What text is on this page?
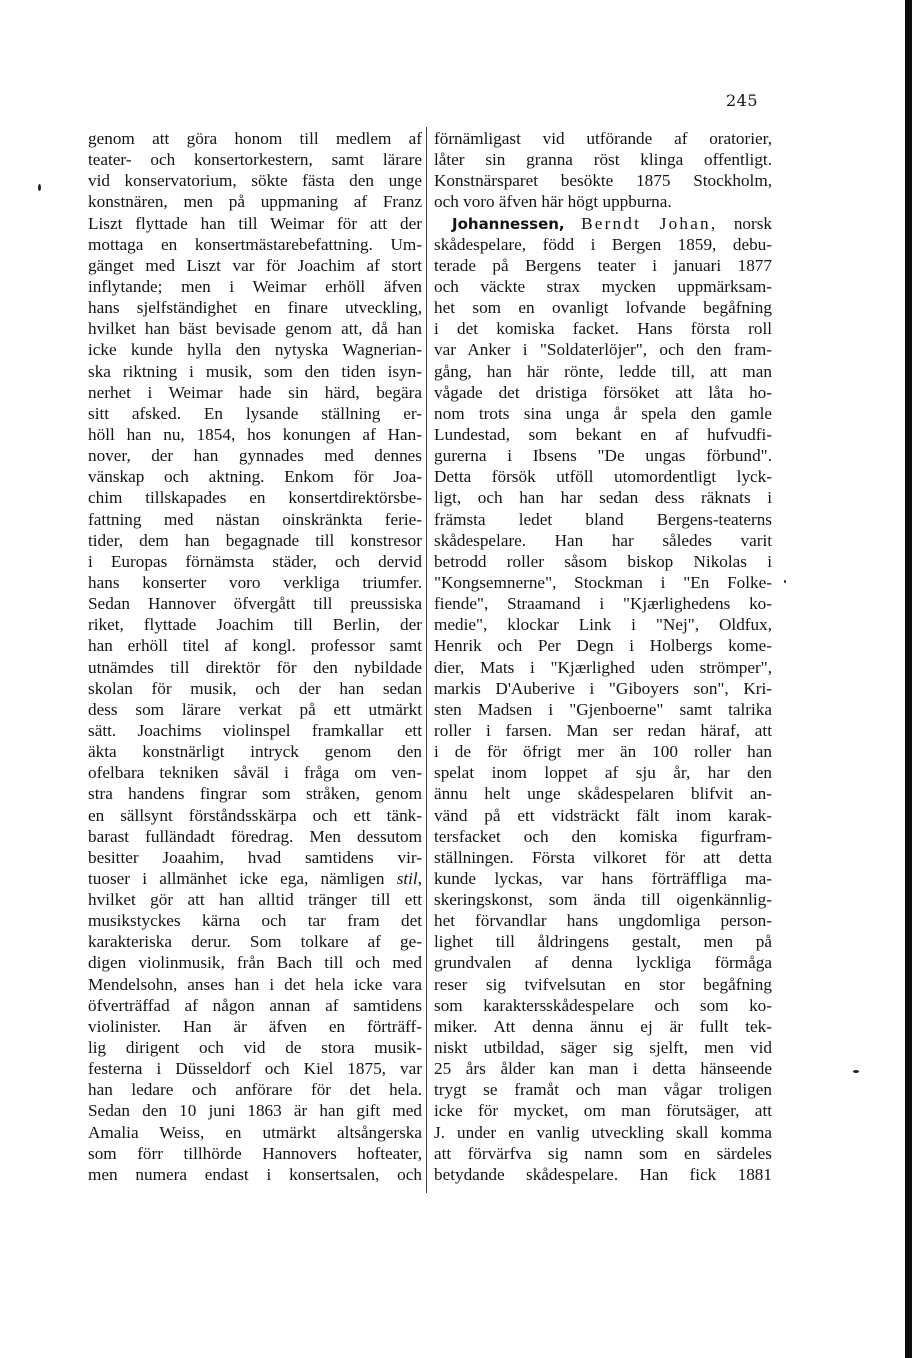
245
genom att göra honom till medlem af
teater- och konsertorkestern, samt lärare
vid konservatorium, sökte fästa den unge
konstnären, men på uppmaning af Franz
Liszt flyttade han till Weimar för att der
mottaga en konsertmästarebefattning. Um-
gänget med Liszt var för Joachim af stort
inflytande; men i Weimar erhöll äfven
hans sjelfständighet en finare utveckling,
hvilket han bäst bevisade genom att, då han
icke kunde hylla den nytyska Wagnerian-
ska riktning i musik, som den tiden isyn-
nerhet i Weimar hade sin härd, begära
sitt afsked. En lysande ställning er-
höll han nu, 1854, hos konungen af Han-
nover, der han gynnades med dennes
vänskap och aktning. Enkom för Joa-
chim tillskapades en konsertdirektörsbe-
fattning med nästan oinskränkta ferie-
tider, dem han begagnade till konstresor
i Europas förnämsta städer, och dervid
hans konserter voro verkliga triumfer.
Sedan Hannover öfvergått till preussiska
riket, flyttade Joachim till Berlin, der
han erhöll titel af kongl. professor samt
utnämdes till direktör för den nybildade
skolan för musik, och der han sedan
dess som lärare verkat på ett utmärkt
sätt. Joachims violinspel framkallar ett
äkta konstnärligt intryck genom den
ofelbara tekniken såväl i fråga om ven-
stra handens fingrar som stråken, genom
en sällsynt förståndsskärpa och ett tänk-
barast fulländadt föredrag. Men dessutom
besitter Joaahim, hvad samtidens vir-
tuoser i allmänhet icke ega, nämligen stil,
hvilket gör att han alltid tränger till ett
musikstyckes kärna och tar fram det
karakteriska derur. Som tolkare af ge-
digen violinmusik, från Bach till och med
Mendelsohn, anses han i det hela icke vara
öfverträffad af någon annan af samtidens
violinister. Han är äfven en förträff-
lig dirigent och vid de stora musik-
festerna i Düsseldorf och Kiel 1875, var
han ledare och anförare för det hela.
Sedan den 10 juni 1863 är han gift med
Amalia Weiss, en utmärkt altsångerska
som förr tillhörde Hannovers hofteater,
men numera endast i konsertsalen, och
förnämligast vid utförande af oratorier,
låter sin granna röst klinga offentligt.
Konstnärsparet besökte 1875 Stockholm,
och voro äfven här högt uppburna.
Johannessen, Berndt Johan, norsk
skådespelare, född i Bergen 1859, debu-
terade på Bergens teater i januari 1877
och väckte strax mycken uppmärksam-
het som en ovanligt lofvande begåfning
i det komiska facket. Hans första roll
var Anker i "Soldaterlöjer", och den fram-
gång, han här rönte, ledde till, att man
vågade det dristiga försöket att låta ho-
nom trots sina unga år spela den gamle
Lundestad, som bekant en af hufvudfi-
gurerna i Ibsens "De ungas förbund".
Detta försök utföll utomordentligt lyck-
ligt, och han har sedan dess räknats i
främsta ledet bland Bergens-teaterns
skådespelare. Han har således varit
betrodd roller såsom biskop Nikolas i
"Kongsemnerne", Stockman i "En Folke-
fiende", Straamand i "Kjærlighedens ko-
medie", klockar Link i "Nej", Oldfux,
Henrik och Per Degn i Holbergs kome-
dier, Mats i "Kjærlighed uden strömper",
markis D'Auberive i "Giboyers son", Kri-
sten Madsen i "Gjenboerne" samt talrika
roller i farsen. Man ser redan häraf, att
i de för öfrigt mer än 100 roller han
spelat inom loppet af sju år, har den
ännu helt unge skådespelaren blifvit an-
vänd på ett vidsträckt fält inom karak-
tersfacket och den komiska figurfram-
ställningen. Första vilkoret för att detta
kunde lyckas, var hans förträffliga ma-
skeringskonst, som ända till oigenkännlig-
het förvandlar hans ungdomliga person-
lighet till åldringens gestalt, men på
grundvalen af denna lyckliga förmåga
reser sig tvifvelsutan en stor begåfning
som karaktersskådespelare och som ko-
miker. Att denna ännu ej är fullt tek-
niskt utbildad, säger sig sjelft, men vid
25 års ålder kan man i detta hänseende
trygt se framåt och man vågar troligen
icke för mycket, om man förutsäger, att
J. under en vanlig utveckling skall komma
att förvärfva sig namn som en särdeles
betydande skådespelare. Han fick 1881
